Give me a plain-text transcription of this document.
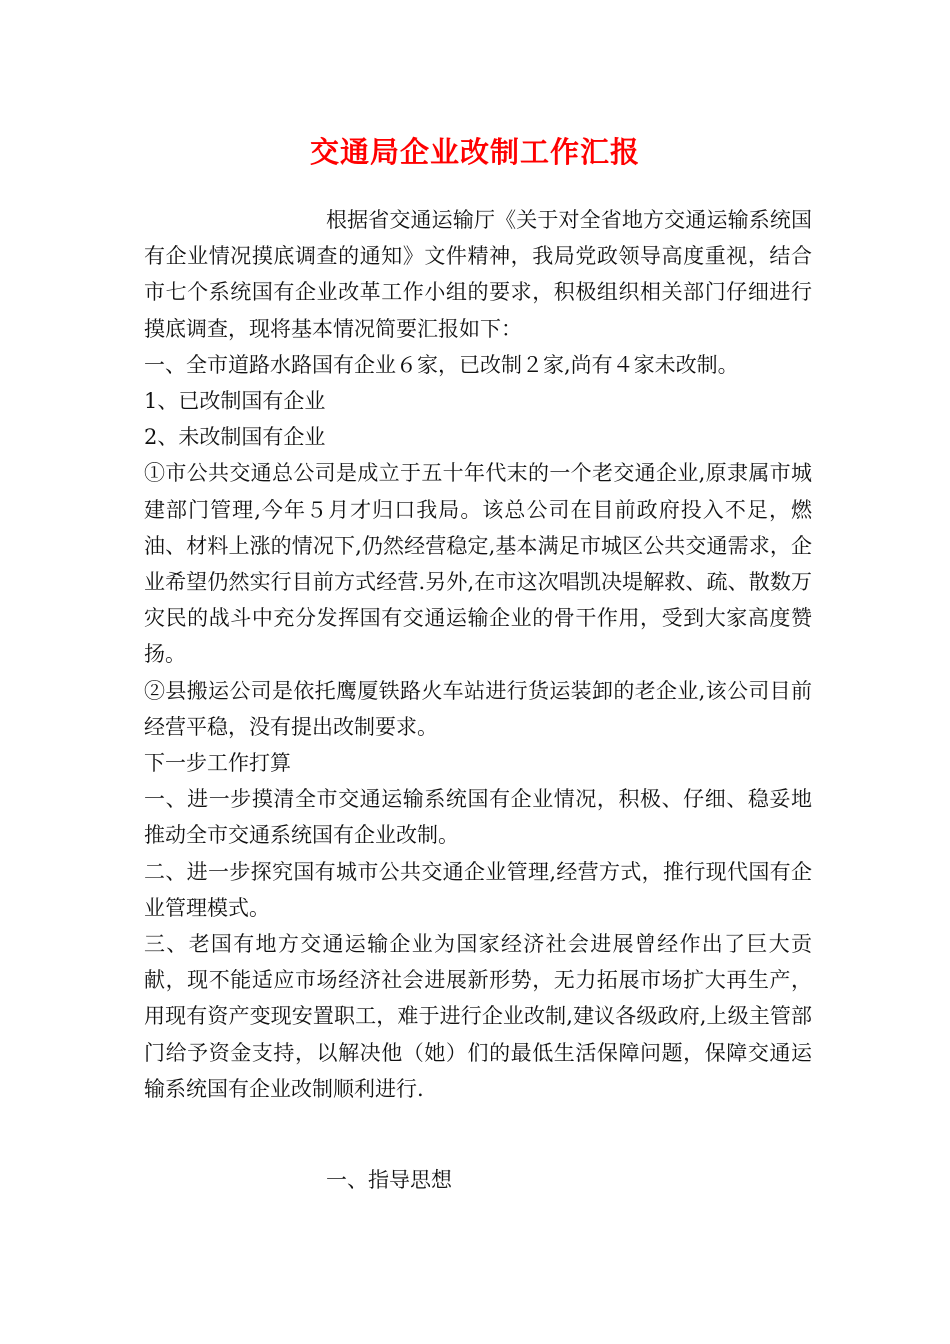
交通局企业改制工作汇报

根据省交通运输厅《关于对全省地方交通运输系统国有企业情况摸底调查的通知》文件精神，我局党政领导高度重视，结合市七个系统国有企业改革工作小组的要求，积极组织相关部门仔细进行摸底调查，现将基本情况简要汇报如下：

一、全市道路水路国有企业６家，已改制２家,尚有４家未改制。

1、已改制国有企业

2、未改制国有企业

①市公共交通总公司是成立于五十年代末的一个老交通企业,原隶属市城建部门管理,今年５月才归口我局。该总公司在目前政府投入不足，燃油、材料上涨的情况下,仍然经营稳定,基本满足市城区公共交通需求，企业希望仍然实行目前方式经营.另外,在市这次唱凯决堤解救、疏、散数万灾民的战斗中充分发挥国有交通运输企业的骨干作用，受到大家高度赞扬。

②县搬运公司是依托鹰厦铁路火车站进行货运装卸的老企业,该公司目前经营平稳，没有提出改制要求。

下一步工作打算

一、进一步摸清全市交通运输系统国有企业情况，积极、仔细、稳妥地推动全市交通系统国有企业改制。

二、进一步探究国有城市公共交通企业管理,经营方式，推行现代国有企业管理模式。

三、老国有地方交通运输企业为国家经济社会进展曾经作出了巨大贡献，现不能适应市场经济社会进展新形势，无力拓展市场扩大再生产，用现有资产变现安置职工，难于进行企业改制,建议各级政府,上级主管部门给予资金支持，以解决他（她）们的最低生活保障问题，保障交通运输系统国有企业改制顺利进行.

一、指导思想
